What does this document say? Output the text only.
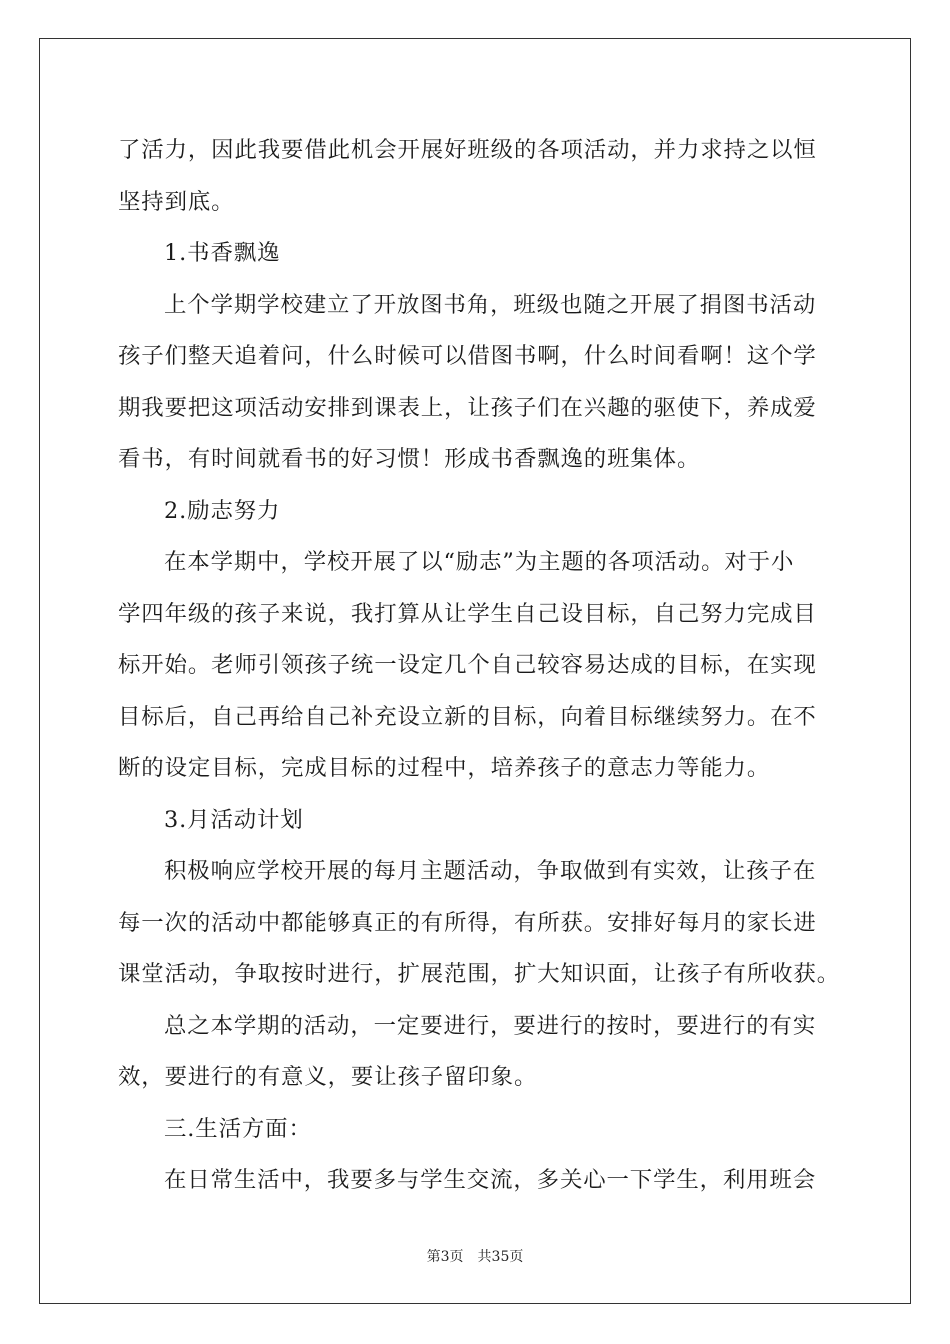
了活力，因此我要借此机会开展好班级的各项活动，并力求持之以恒
坚持到底。
1.书香飘逸
上个学期学校建立了开放图书角，班级也随之开展了捐图书活动
孩子们整天追着问，什么时候可以借图书啊，什么时间看啊！这个学
期我要把这项活动安排到课表上，让孩子们在兴趣的驱使下，养成爱
看书，有时间就看书的好习惯！形成书香飘逸的班集体。
2.励志努力
在本学期中，学校开展了以“励志”为主题的各项活动。对于小
学四年级的孩子来说，我打算从让学生自己设目标，自己努力完成目
标开始。老师引领孩子统一设定几个自己较容易达成的目标，在实现
目标后，自己再给自己补充设立新的目标，向着目标继续努力。在不
断的设定目标，完成目标的过程中，培养孩子的意志力等能力。
3.月活动计划
积极响应学校开展的每月主题活动，争取做到有实效，让孩子在
每一次的活动中都能够真正的有所得，有所获。安排好每月的家长进
课堂活动，争取按时进行，扩展范围，扩大知识面，让孩子有所收获。
总之本学期的活动，一定要进行，要进行的按时，要进行的有实
效，要进行的有意义，要让孩子留印象。
三.生活方面：
在日常生活中，我要多与学生交流，多关心一下学生，利用班会
第3页　共35页
